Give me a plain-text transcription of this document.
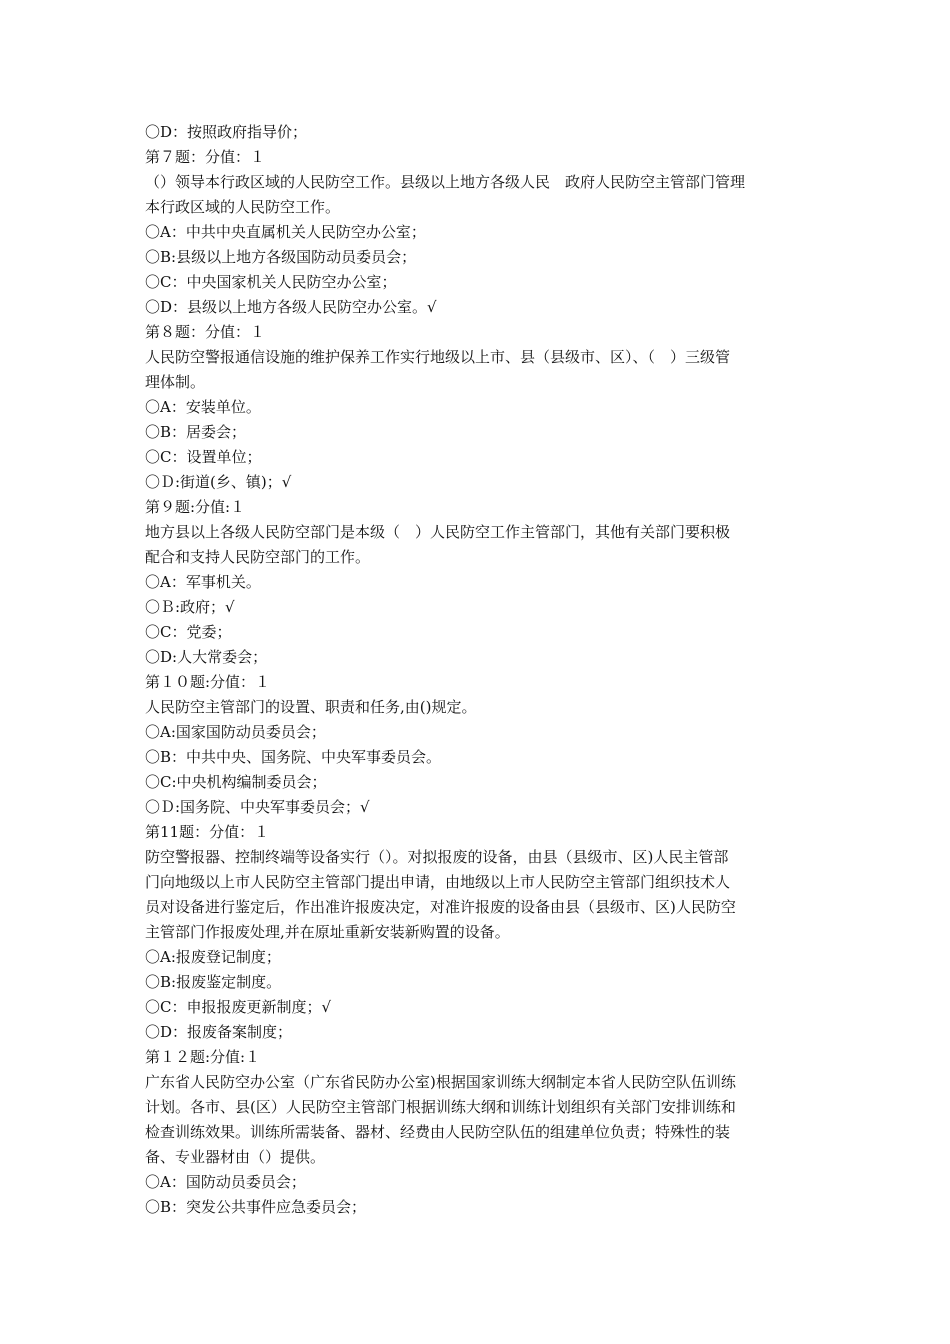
〇D：按照政府指导价；
第７题：分值：１
（）领导本行政区域的人民防空工作。县级以上地方各级人民　政府人民防空主管部门管理
本行政区域的人民防空工作。
〇A：中共中央直属机关人民防空办公室；
〇B:县级以上地方各级国防动员委员会；
〇C：中央国家机关人民防空办公室；
〇D：县级以上地方各级人民防空办公室。√
第８题：分值：１
人民防空警报通信设施的维护保养工作实行地级以上市、县（县级市、区）、（　）三级管
理体制。
〇A：安装单位。
〇B：居委会；
〇C：设置单位；
〇Ｄ:街道(乡、镇)；√
第９题:分值:１
地方县以上各级人民防空部门是本级（　）人民防空工作主管部门，其他有关部门要积极
配合和支持人民防空部门的工作。
〇A：军事机关。
〇Ｂ:政府；√
〇C：党委；
〇D:人大常委会；
第１０题:分值：１
人民防空主管部门的设置、职责和任务,由()规定。
〇A:国家国防动员委员会；
〇B：中共中央、国务院、中央军事委员会。
〇C:中央机构编制委员会；
〇Ｄ:国务院、中央军事委员会；√
第11题：分值：１
防空警报器、控制终端等设备实行（）。对拟报废的设备，由县（县级市、区)人民主管部
门向地级以上市人民防空主管部门提出申请，由地级以上市人民防空主管部门组织技术人
员对设备进行鉴定后，作出准许报废决定，对准许报废的设备由县（县级市、区)人民防空
主管部门作报废处理,并在原址重新安装新购置的设备。
〇A:报废登记制度；
〇B:报废鉴定制度。
〇C：申报报废更新制度；√
〇D：报废备案制度；
第１２题:分值:１
广东省人民防空办公室（广东省民防办公室)根据国家训练大纲制定本省人民防空队伍训练
计划。各市、县(区）人民防空主管部门根据训练大纲和训练计划组织有关部门安排训练和
检查训练效果。训练所需装备、器材、经费由人民防空队伍的组建单位负责；特殊性的装
备、专业器材由（）提供。
〇A：国防动员委员会；
〇B：突发公共事件应急委员会；
